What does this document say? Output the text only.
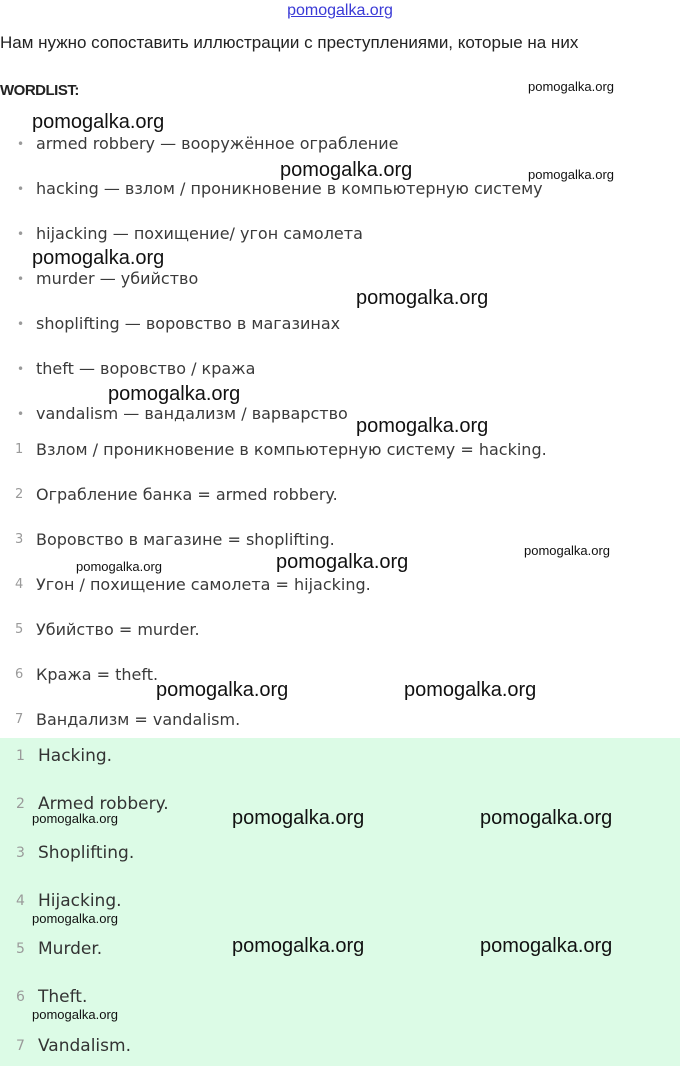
pomogalka.org
Нам нужно сопоставить иллюстрации с преступлениями, которые на них
WORDLIST:
• armed robbery — вооружённое ограбление
• hacking — взлом / проникновение в компьютерную систему
• hijacking — похищение/ угон самолета
• murder — убийство
• shoplifting — воровство в магазинах
• theft — воровство / кража
• vandalism — вандализм / варварство
1 Взлом / проникновение в компьютерную систему = hacking.
2 Ограбление банка = armed robbery.
3 Воровство в магазине = shoplifting.
4 Угон / похищение самолета = hijacking.
5 Убийство = murder.
6 Кража = theft.
7 Вандализм = vandalism.
1 Hacking.
2 Armed robbery.
3 Shoplifting.
4 Hijacking.
5 Murder.
6 Theft.
7 Vandalism.
pomogalka.org
pomogalka.org
pomogalka.org	pomogalka.org
pomogalka.org
pomogalka.org
pomogalka.org
pomogalka.org
pomogalka.org
pomogalka.org
pomogalka.org
pomogalka.org	pomogalka.org
pomogalka.org	pomogalka.org	pomogalka.org
pomogalka.org
pomogalka.org	pomogalka.org
pomogalka.org
